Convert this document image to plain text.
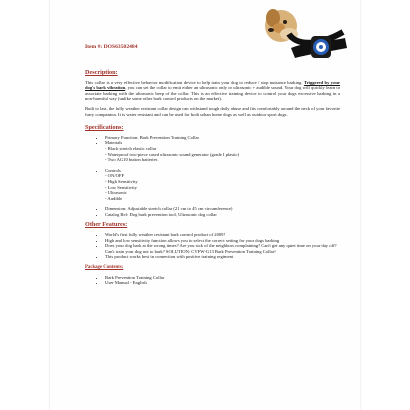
Item #: DOS63502484
Description:

This collar is a very effective behavior modification device to help train your dog to reduce / stop nuisance barking. Triggered by your dog's bark vibration, you can set the collar to emit either an ultrasonic only or ultrasonic + audible sound. Your dog will quickly learn to associate barking with the ultrasonic beep of the collar. This is an effective training device to control your dogs excessive barking in a non-harmful way (unlike some other bark control products on the market).

Built to last, the fully weather resistant collar design can withstand tough daily abuse and fits comfortably around the neck of your favorite furry companion. It is water resistant and can be used for both urban home dogs as well as outdoor sport dogs.

Specifications:
• Primary Function: Bark Prevention Training Collar
• Materials
- Black stretch elastic collar
- Waterproof two-piece cased ultrasonic sound generator (grade I plastic)
- Two AG10 button batteries
• Controls
- ON/OFF
- High Sensitivity
- Low Sensitivity
- Ultrasonic
- Audible
• Dimension: Adjustable stretch collar (21 cm to 45 cm circumference)
• Catalog Ref: Dog bark prevention tool, Ultrasonic dog collar
Other Features:
• World's first fully weather resistant bark control product of 2009!
• High and low sensitivity function allows you to select the correct setting for your dogs barking
• Does your dog bark at the wrong times? Are you sick of the neighbors complaining? Can't get any quiet time on your day off? Can't train your dog not to bark? SOLUTION: CVFW-G13 Bark Prevention Training Collar!
• This product works best in connection with positive training regiment
Package Contents:
• Bark Prevention Training Collar
• User Manual - English
